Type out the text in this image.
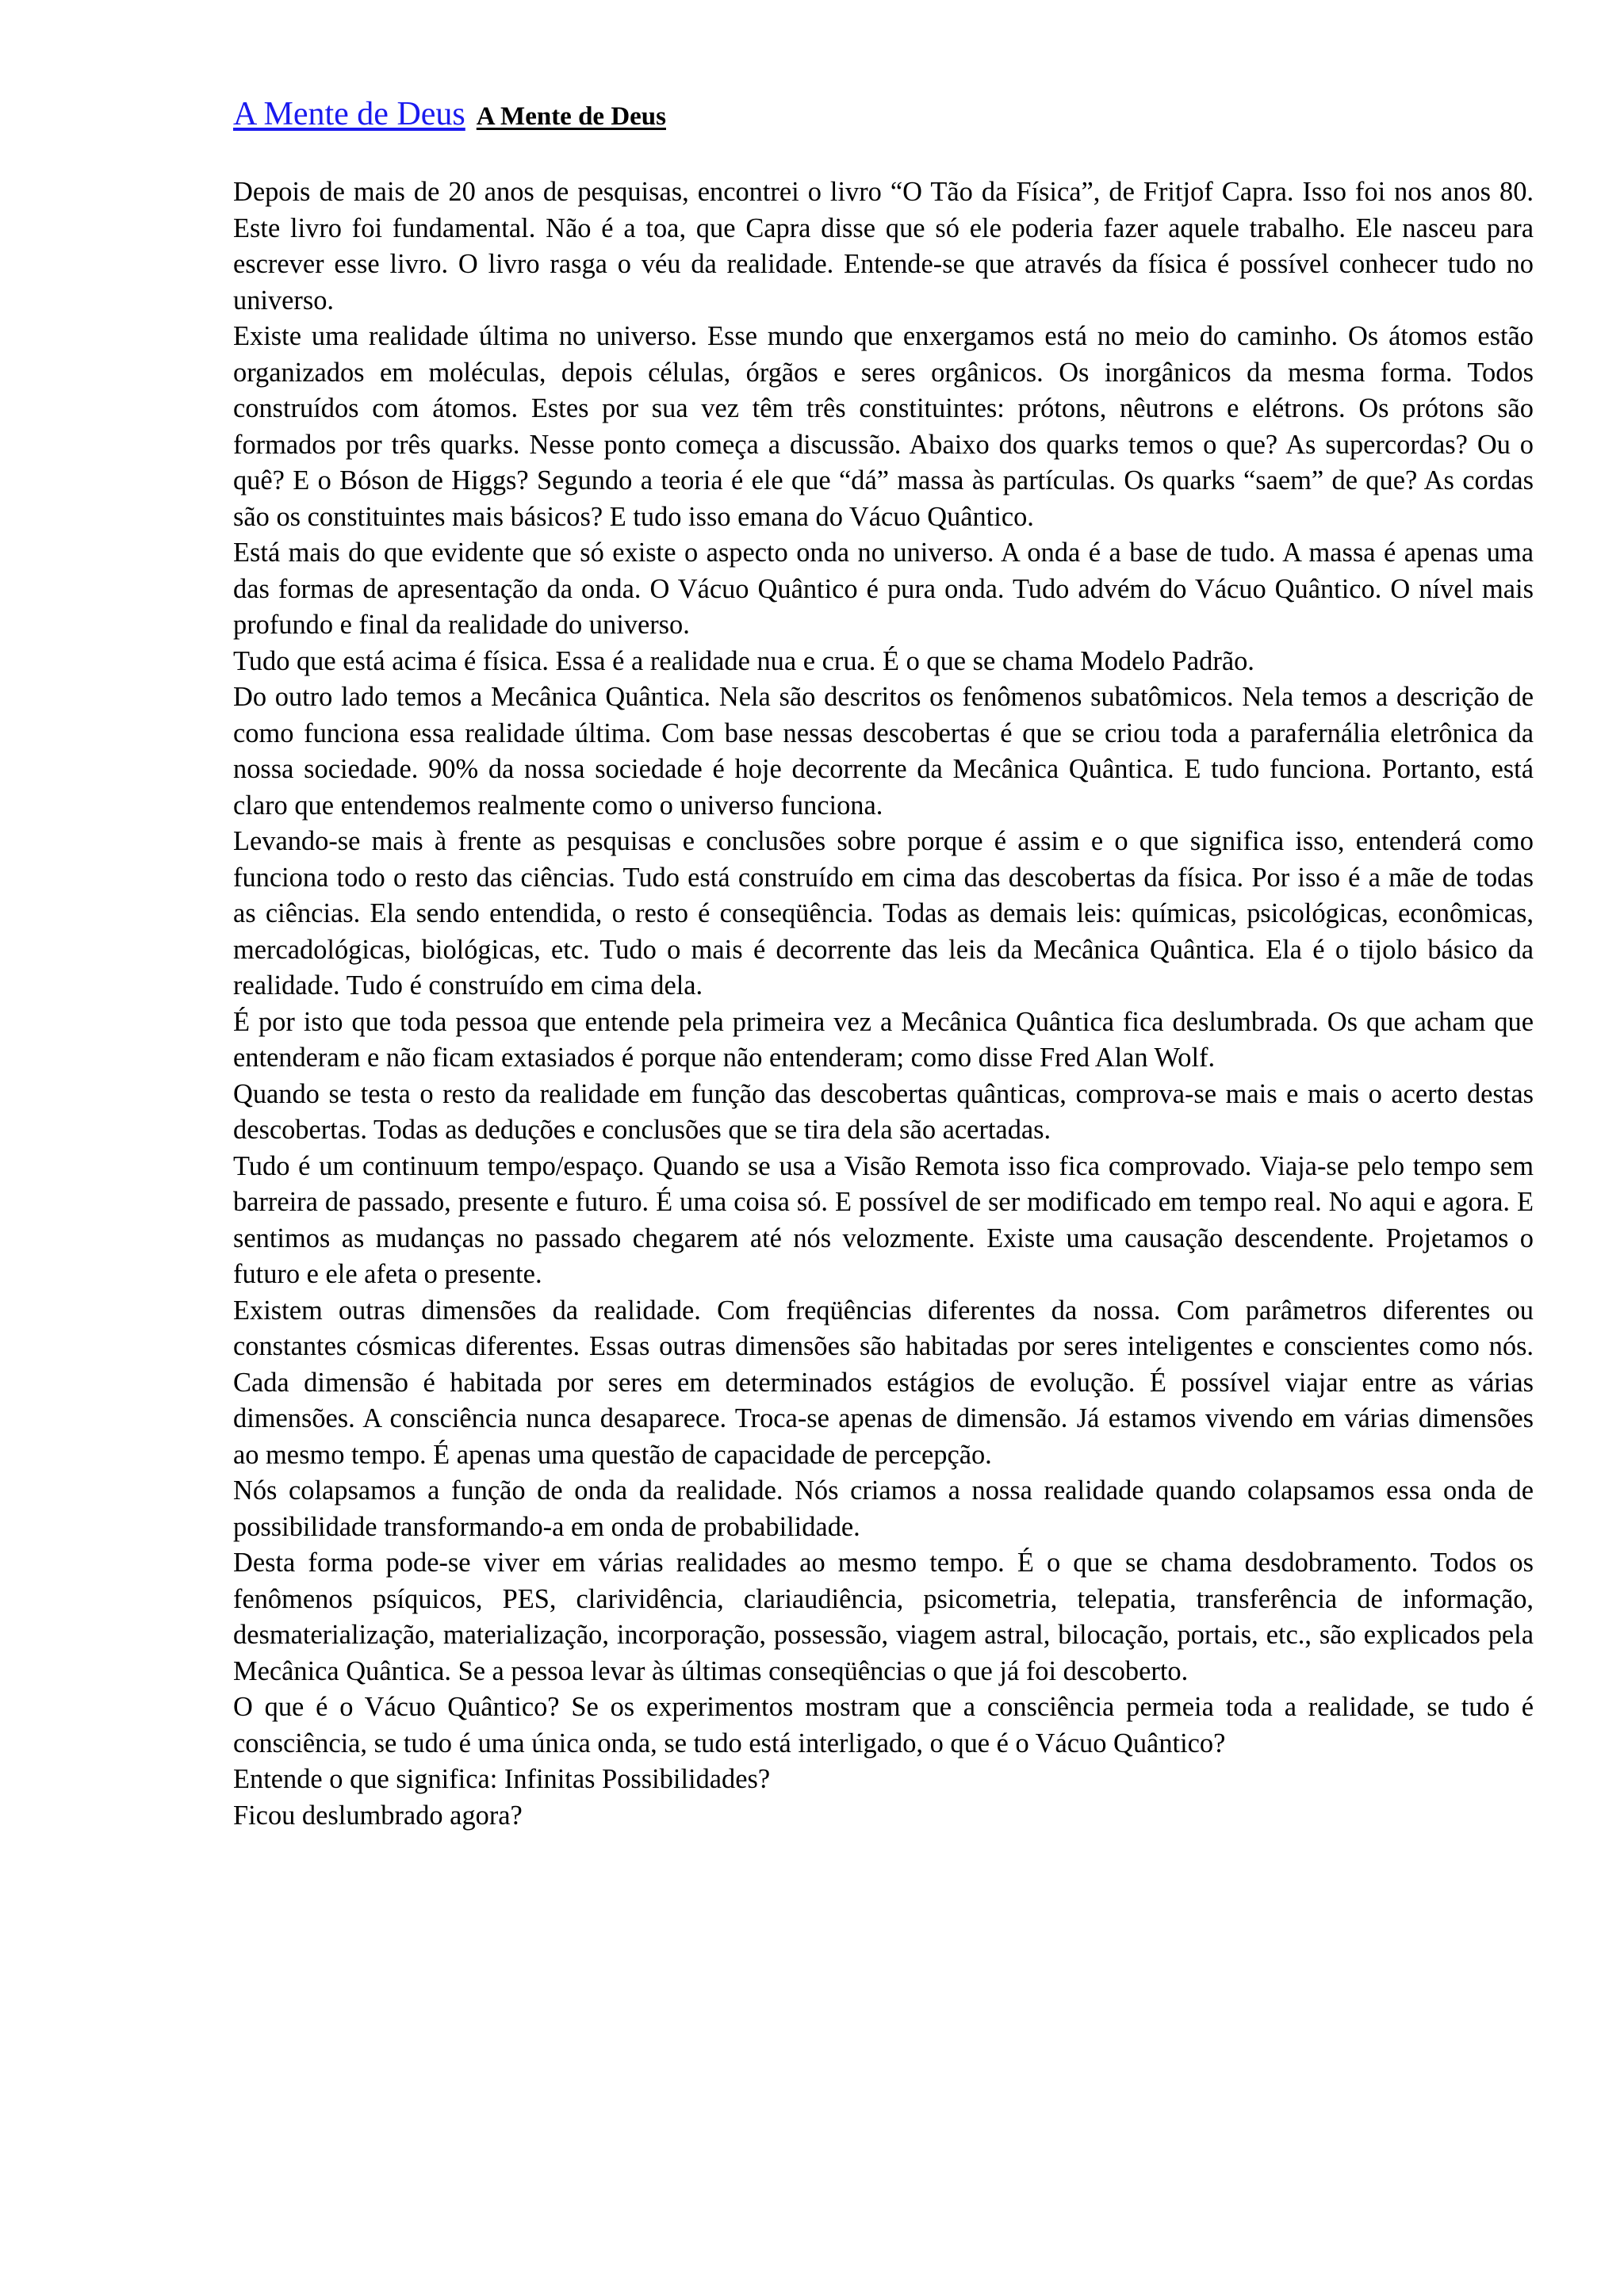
A Mente de Deus A Mente de Deus

Depois de mais de 20 anos de pesquisas, encontrei o livro “O Tão da Física”, de Fritjof Capra. Isso foi nos anos 80. Este livro foi fundamental. Não é a toa, que Capra disse que só ele poderia fazer aquele trabalho. Ele nasceu para escrever esse livro. O livro rasga o véu da realidade. Entende-se que através da física é possível conhecer tudo no universo.

Existe uma realidade última no universo. Esse mundo que enxergamos está no meio do caminho. Os átomos estão organizados em moléculas, depois células, órgãos e seres orgânicos. Os inorgânicos da mesma forma. Todos construídos com átomos. Estes por sua vez têm três constituintes: prótons, nêutrons e elétrons. Os prótons são formados por três quarks. Nesse ponto começa a discussão. Abaixo dos quarks temos o que? As supercordas? Ou o quê? E o Bóson de Higgs? Segundo a teoria é ele que “dá” massa às partículas. Os quarks “saem” de que? As cordas são os constituintes mais básicos? E tudo isso emana do Vácuo Quântico.

Está mais do que evidente que só existe o aspecto onda no universo. A onda é a base de tudo. A massa é apenas uma das formas de apresentação da onda. O Vácuo Quântico é pura onda. Tudo advém do Vácuo Quântico. O nível mais profundo e final da realidade do universo.

Tudo que está acima é física. Essa é a realidade nua e crua. É o que se chama Modelo Padrão.

Do outro lado temos a Mecânica Quântica. Nela são descritos os fenômenos subatômicos. Nela temos a descrição de como funciona essa realidade última. Com base nessas descobertas é que se criou toda a parafernália eletrônica da nossa sociedade. 90% da nossa sociedade é hoje decorrente da Mecânica Quântica. E tudo funciona. Portanto, está claro que entendemos realmente como o universo funciona.

Levando-se mais à frente as pesquisas e conclusões sobre porque é assim e o que significa isso, entenderá como funciona todo o resto das ciências. Tudo está construído em cima das descobertas da física. Por isso é a mãe de todas as ciências. Ela sendo entendida, o resto é conseqüência. Todas as demais leis: químicas, psicológicas, econômicas, mercadológicas, biológicas, etc. Tudo o mais é decorrente das leis da Mecânica Quântica. Ela é o tijolo básico da realidade. Tudo é construído em cima dela.

É por isto que toda pessoa que entende pela primeira vez a Mecânica Quântica fica deslumbrada. Os que acham que entenderam e não ficam extasiados é porque não entenderam; como disse Fred Alan Wolf.

Quando se testa o resto da realidade em função das descobertas quânticas, comprova-se mais e mais o acerto destas descobertas. Todas as deduções e conclusões que se tira dela são acertadas.

Tudo é um continuum tempo/espaço. Quando se usa a Visão Remota isso fica comprovado. Viaja-se pelo tempo sem barreira de passado, presente e futuro. É uma coisa só. E possível de ser modificado em tempo real. No aqui e agora. E sentimos as mudanças no passado chegarem até nós velozmente. Existe uma causação descendente. Projetamos o futuro e ele afeta o presente.

Existem outras dimensões da realidade. Com freqüências diferentes da nossa. Com parâmetros diferentes ou constantes cósmicas diferentes. Essas outras dimensões são habitadas por seres inteligentes e conscientes como nós. Cada dimensão é habitada por seres em determinados estágios de evolução. É possível viajar entre as várias dimensões. A consciência nunca desaparece. Troca-se apenas de dimensão. Já estamos vivendo em várias dimensões ao mesmo tempo. É apenas uma questão de capacidade de percepção.

Nós colapsamos a função de onda da realidade. Nós criamos a nossa realidade quando colapsamos essa onda de possibilidade transformando-a em onda de probabilidade.

Desta forma pode-se viver em várias realidades ao mesmo tempo. É o que se chama desdobramento. Todos os fenômenos psíquicos, PES, clarividência, clariaudiência, psicometria, telepatia, transferência de informação, desmaterialização, materialização, incorporação, possessão, viagem astral, bilocação, portais, etc., são explicados pela Mecânica Quântica. Se a pessoa levar às últimas conseqüências o que já foi descoberto.

O que é o Vácuo Quântico? Se os experimentos mostram que a consciência permeia toda a realidade, se tudo é consciência, se tudo é uma única onda, se tudo está interligado, o que é o Vácuo Quântico?

Entende o que significa: Infinitas Possibilidades?

Ficou deslumbrado agora?
